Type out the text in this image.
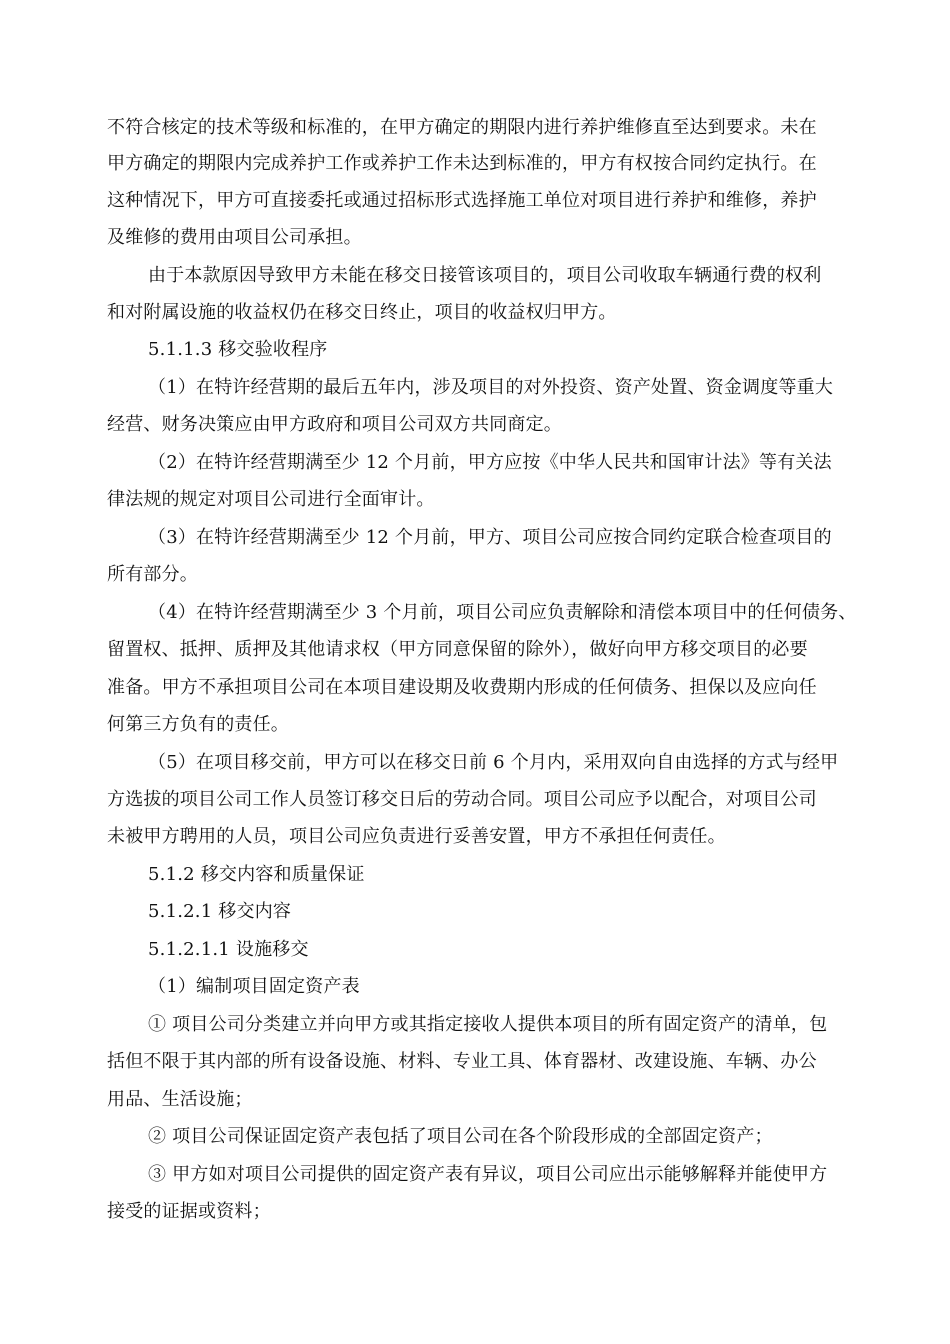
不符合核定的技术等级和标准的，在甲方确定的期限内进行养护维修直至达到要求。未在
甲方确定的期限内完成养护工作或养护工作未达到标准的，甲方有权按合同约定执行。在
这种情况下，甲方可直接委托或通过招标形式选择施工单位对项目进行养护和维修，养护
及维修的费用由项目公司承担。
由于本款原因导致甲方未能在移交日接管该项目的，项目公司收取车辆通行费的权利
和对附属设施的收益权仍在移交日终止，项目的收益权归甲方。
5.1.1.3 移交验收程序
（1）在特许经营期的最后五年内，涉及项目的对外投资、资产处置、资金调度等重大
经营、财务决策应由甲方政府和项目公司双方共同商定。
（2）在特许经营期满至少 12 个月前，甲方应按《中华人民共和国审计法》等有关法
律法规的规定对项目公司进行全面审计。
（3）在特许经营期满至少 12 个月前，甲方、项目公司应按合同约定联合检查项目的
所有部分。
（4）在特许经营期满至少 3 个月前，项目公司应负责解除和清偿本项目中的任何债务、
留置权、抵押、质押及其他请求权（甲方同意保留的除外），做好向甲方移交项目的必要
准备。甲方不承担项目公司在本项目建设期及收费期内形成的任何债务、担保以及应向任
何第三方负有的责任。
（5）在项目移交前，甲方可以在移交日前 6 个月内，采用双向自由选择的方式与经甲
方选拔的项目公司工作人员签订移交日后的劳动合同。项目公司应予以配合，对项目公司
未被甲方聘用的人员，项目公司应负责进行妥善安置，甲方不承担任何责任。
5.1.2 移交内容和质量保证
5.1.2.1 移交内容
5.1.2.1.1 设施移交
（1）编制项目固定资产表
① 项目公司分类建立并向甲方或其指定接收人提供本项目的所有固定资产的清单，包
括但不限于其内部的所有设备设施、材料、专业工具、体育器材、改建设施、车辆、办公
用品、生活设施；
② 项目公司保证固定资产表包括了项目公司在各个阶段形成的全部固定资产；
③ 甲方如对项目公司提供的固定资产表有异议，项目公司应出示能够解释并能使甲方
接受的证据或资料；
